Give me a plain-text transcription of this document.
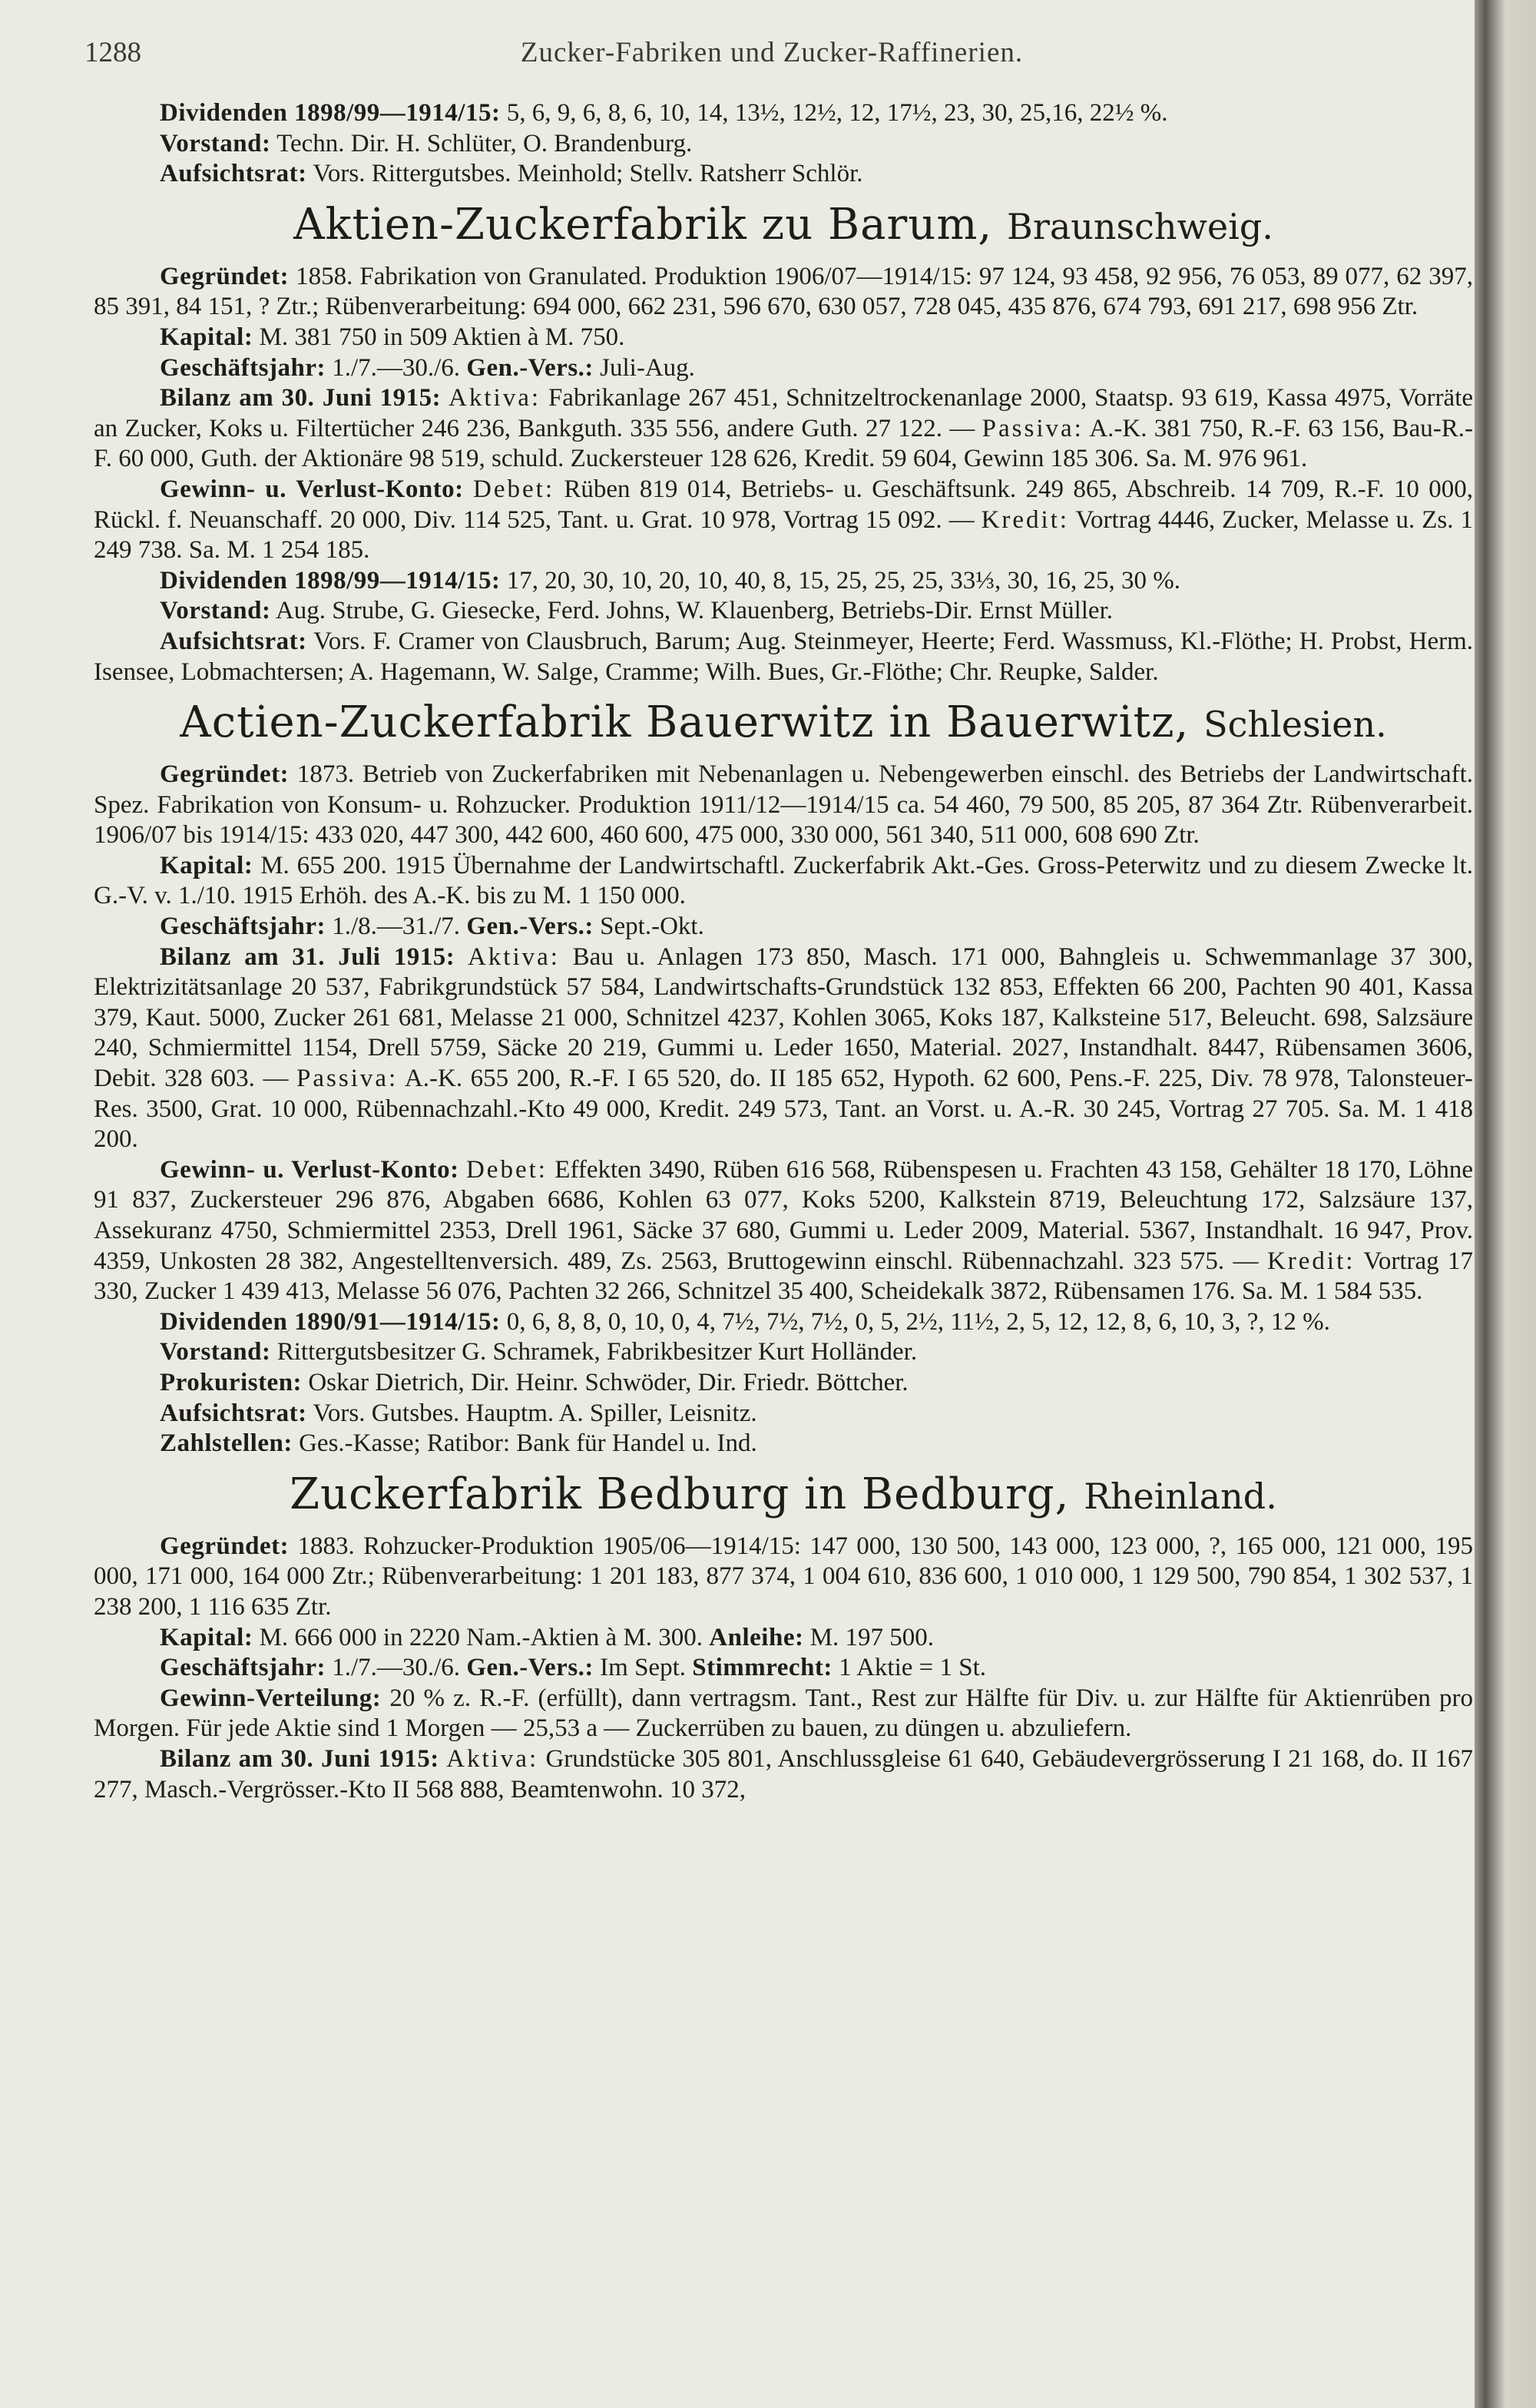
1288	Zucker-Fabriken und Zucker-Raffinerien.

Dividenden 1898/99—1914/15: 5, 6, 9, 6, 8, 6, 10, 14, 13½, 12½, 12, 17½, 23, 30, 25,16, 22½ %.

Vorstand: Techn. Dir. H. Schlüter, O. Brandenburg.

Aufsichtsrat: Vors. Rittergutsbes. Meinhold; Stellv. Ratsherr Schlör.

Aktien-Zuckerfabrik zu Barum, Braunschweig.

Gegründet: 1858. Fabrikation von Granulated. Produktion 1906/07—1914/15: 97 124, 93 458, 92 956, 76 053, 89 077, 62 397, 85 391, 84 151, ? Ztr.; Rübenverarbeitung: 694 000, 662 231, 596 670, 630 057, 728 045, 435 876, 674 793, 691 217, 698 956 Ztr.

Kapital: M. 381 750 in 509 Aktien à M. 750.

Geschäftsjahr: 1./7.—30./6. Gen.-Vers.: Juli-Aug.

Bilanz am 30. Juni 1915: Aktiva: Fabrikanlage 267 451, Schnitzeltrockenanlage 2000, Staatsp. 93 619, Kassa 4975, Vorräte an Zucker, Koks u. Filtertücher 246 236, Bankguth. 335 556, andere Guth. 27 122. — Passiva: A.-K. 381 750, R.-F. 63 156, Bau-R.-F. 60 000, Guth. der Aktionäre 98 519, schuld. Zuckersteuer 128 626, Kredit. 59 604, Gewinn 185 306. Sa. M. 976 961.

Gewinn- u. Verlust-Konto: Debet: Rüben 819 014, Betriebs- u. Geschäftsunk. 249 865, Abschreib. 14 709, R.-F. 10 000, Rückl. f. Neuanschaff. 20 000, Div. 114 525, Tant. u. Grat. 10 978, Vortrag 15 092. — Kredit: Vortrag 4446, Zucker, Melasse u. Zs. 1 249 738. Sa. M. 1 254 185.

Dividenden 1898/99—1914/15: 17, 20, 30, 10, 20, 10, 40, 8, 15, 25, 25, 25, 33⅓, 30, 16, 25, 30 %.

Vorstand: Aug. Strube, G. Giesecke, Ferd. Johns, W. Klauenberg, Betriebs-Dir. Ernst Müller.

Aufsichtsrat: Vors. F. Cramer von Clausbruch, Barum; Aug. Steinmeyer, Heerte; Ferd. Wassmuss, Kl.-Flöthe; H. Probst, Herm. Isensee, Lobmachtersen; A. Hagemann, W. Salge, Cramme; Wilh. Bues, Gr.-Flöthe; Chr. Reupke, Salder.

Actien-Zuckerfabrik Bauerwitz in Bauerwitz, Schlesien.

Gegründet: 1873. Betrieb von Zuckerfabriken mit Nebenanlagen u. Nebengewerben einschl. des Betriebs der Landwirtschaft. Spez. Fabrikation von Konsum- u. Rohzucker. Produktion 1911/12—1914/15 ca. 54 460, 79 500, 85 205, 87 364 Ztr. Rübenverarbeit. 1906/07 bis 1914/15: 433 020, 447 300, 442 600, 460 600, 475 000, 330 000, 561 340, 511 000, 608 690 Ztr.

Kapital: M. 655 200. 1915 Übernahme der Landwirtschaftl. Zuckerfabrik Akt.-Ges. Gross-Peterwitz und zu diesem Zwecke lt. G.-V. v. 1./10. 1915 Erhöh. des A.-K. bis zu M. 1 150 000.

Geschäftsjahr: 1./8.—31./7. Gen.-Vers.: Sept.-Okt.

Bilanz am 31. Juli 1915: Aktiva: Bau u. Anlagen 173 850, Masch. 171 000, Bahngleis u. Schwemmanlage 37 300, Elektrizitätsanlage 20 537, Fabrikgrundstück 57 584, Landwirtschafts-Grundstück 132 853, Effekten 66 200, Pachten 90 401, Kassa 379, Kaut. 5000, Zucker 261 681, Melasse 21 000, Schnitzel 4237, Kohlen 3065, Koks 187, Kalksteine 517, Beleucht. 698, Salzsäure 240, Schmiermittel 1154, Drell 5759, Säcke 20 219, Gummi u. Leder 1650, Material. 2027, Instandhalt. 8447, Rübensamen 3606, Debit. 328 603. — Passiva: A.-K. 655 200, R.-F. I 65 520, do. II 185 652, Hypoth. 62 600, Pens.-F. 225, Div. 78 978, Talonsteuer-Res. 3500, Grat. 10 000, Rübennachzahl.-Kto 49 000, Kredit. 249 573, Tant. an Vorst. u. A.-R. 30 245, Vortrag 27 705. Sa. M. 1 418 200.

Gewinn- u. Verlust-Konto: Debet: Effekten 3490, Rüben 616 568, Rübenspesen u. Frachten 43 158, Gehälter 18 170, Löhne 91 837, Zuckersteuer 296 876, Abgaben 6686, Kohlen 63 077, Koks 5200, Kalkstein 8719, Beleuchtung 172, Salzsäure 137, Assekuranz 4750, Schmiermittel 2353, Drell 1961, Säcke 37 680, Gummi u. Leder 2009, Material. 5367, Instandhalt. 16 947, Prov. 4359, Unkosten 28 382, Angestelltenversich. 489, Zs. 2563, Bruttogewinn einschl. Rübennachzahl. 323 575. — Kredit: Vortrag 17 330, Zucker 1 439 413, Melasse 56 076, Pachten 32 266, Schnitzel 35 400, Scheidekalk 3872, Rübensamen 176. Sa. M. 1 584 535.

Dividenden 1890/91—1914/15: 0, 6, 8, 8, 0, 10, 0, 4, 7½, 7½, 7½, 0, 5, 2½, 11½, 2, 5, 12, 12, 8, 6, 10, 3, ?, 12 %.

Vorstand: Rittergutsbesitzer G. Schramek, Fabrikbesitzer Kurt Holländer.

Prokuristen: Oskar Dietrich, Dir. Heinr. Schwöder, Dir. Friedr. Böttcher.

Aufsichtsrat: Vors. Gutsbes. Hauptm. A. Spiller, Leisnitz.

Zahlstellen: Ges.-Kasse; Ratibor: Bank für Handel u. Ind.

Zuckerfabrik Bedburg in Bedburg, Rheinland.

Gegründet: 1883. Rohzucker-Produktion 1905/06—1914/15: 147 000, 130 500, 143 000, 123 000, ?, 165 000, 121 000, 195 000, 171 000, 164 000 Ztr.; Rübenverarbeitung: 1 201 183, 877 374, 1 004 610, 836 600, 1 010 000, 1 129 500, 790 854, 1 302 537, 1 238 200, 1 116 635 Ztr.

Kapital: M. 666 000 in 2220 Nam.-Aktien à M. 300. Anleihe: M. 197 500.

Geschäftsjahr: 1./7.—30./6. Gen.-Vers.: Im Sept. Stimmrecht: 1 Aktie = 1 St.

Gewinn-Verteilung: 20 % z. R.-F. (erfüllt), dann vertragsm. Tant., Rest zur Hälfte für Div. u. zur Hälfte für Aktienrüben pro Morgen. Für jede Aktie sind 1 Morgen — 25,53 a — Zuckerrüben zu bauen, zu düngen u. abzuliefern.

Bilanz am 30. Juni 1915: Aktiva: Grundstücke 305 801, Anschlussgleise 61 640, Gebäudevergrösserung I 21 168, do. II 167 277, Masch.-Vergrösser.-Kto II 568 888, Beamtenwohn. 10 372,
